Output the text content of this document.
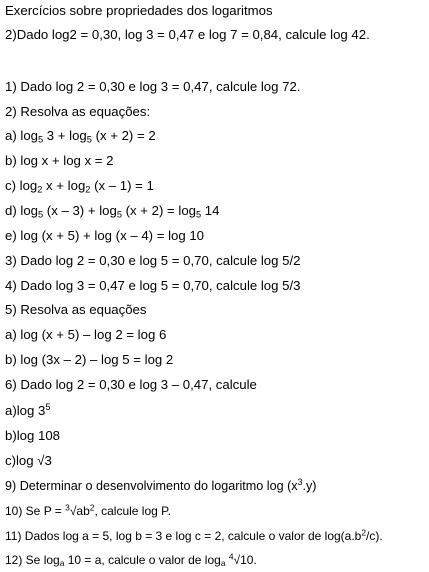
Exercícios sobre propriedades dos logaritmos
2)Dado log2 = 0,30, log 3 = 0,47 e log 7 = 0,84, calcule log 42.
1) Dado log 2 = 0,30 e log 3 = 0,47, calcule log 72.
2) Resolva as equações:
a) $\log_5 3 + \log_5 (x + 2) = 2$
b) log x + log x = 2
c) $\log_2 x + \log_2 (x - 1) = 1$
d) $\log_5 (x - 3) + \log_5 (x + 2) = \log_5 14$
e) log (x + 5) + log (x – 4) = log 10
3) Dado log 2 = 0,30 e log 5 = 0,70, calcule log 5/2
4) Dado log 3 = 0,47 e log 5 = 0,70, calcule log 5/3
5) Resolva as equações
a) log (x + 5) – log 2 = log 6
b) log (3x – 2) – log 5 = log 2
6) Dado log 2 = 0,30 e log 3 – 0,47, calcule
a)log $3^5$
b)log 108
c)log √3
9) Determinar o desenvolvimento do logaritmo $\log (x^3.y)$
10) Se $P = ^3√ab^2$, calcule log P.
11) Dados log a = 5, log b = 3 e log c = 2, calcule o valor de $\log(a.b^2/c)$.
12) Se $\log_a 10 = a$, calcule o valor de $\log_a ^4√10$.
